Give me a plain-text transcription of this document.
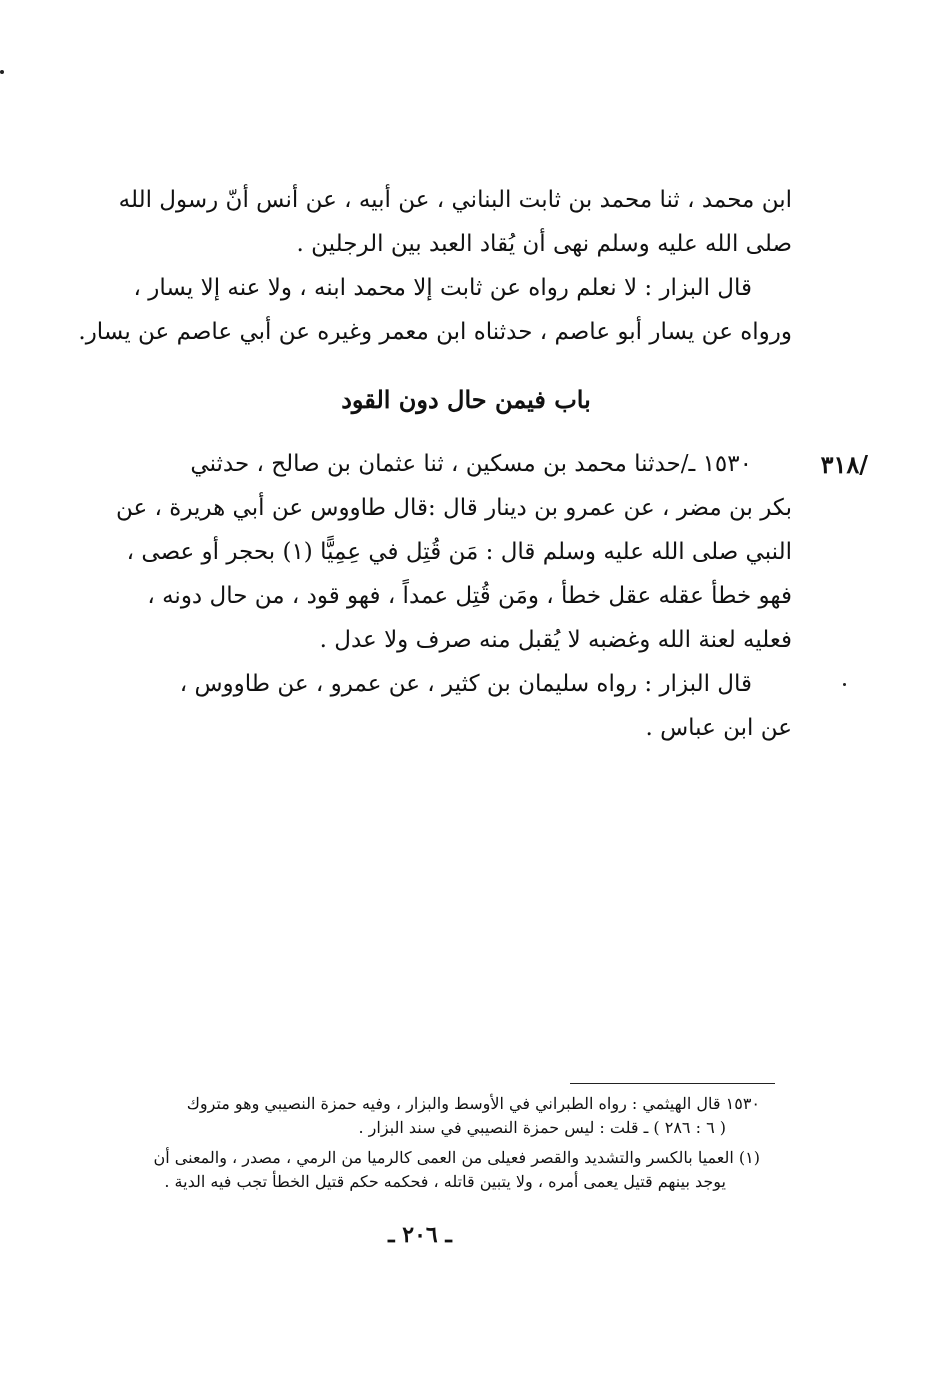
ابن محمد ، ثنا محمد بن ثابت البناني ، عن أبيه ، عن أنس أنّ رسول الله
صلى الله عليه وسلم نهى أن يُقاد العبد بين الرجلين .
قال البزار : لا نعلم رواه عن ثابت إلا محمد ابنه ، ولا عنه إلا يسار ،
ورواه عن يسار أبو عاصم ، حدثناه ابن معمر وغيره عن أبي عاصم عن يسار.
باب فيمن حال دون القود
/٣١٨
١٥٣٠ ـ/حدثنا محمد بن مسكين ، ثنا عثمان بن صالح ، حدثني
بكر بن مضر ، عن عمرو بن دينار قال :قال طاووس عن أبي هريرة ، عن
النبي صلى الله عليه وسلم قال : مَن قُتِل في عِمِيًّا (١) بحجر أو عصى ،
فهو خطأ عقله عقل خطأ ، ومَن قُتِل عمداً ، فهو قود ، من حال دونه ،
فعليه لعنة الله وغضبه لا يُقبل منه صرف ولا عدل .
قال البزار : رواه سليمان بن كثير ، عن عمرو ، عن طاووس ،
عن ابن عباس .
١٥٣٠ قال الهيثمي : رواه الطبراني في الأوسط والبزار ، وفيه حمزة النصيبي وهو متروك
( ٦ : ٢٨٦ ) ـ قلت : ليس حمزة النصيبي في سند البزار .
(١) العميا بالكسر والتشديد والقصر فعيلى من العمى كالرميا من الرمي ، مصدر ، والمعنى أن
يوجد بينهم قتيل يعمى أمره ، ولا يتبين قاتله ، فحكمه حكم قتيل الخطأ تجب فيه الدية .
ـ ٢٠٦ ـ
